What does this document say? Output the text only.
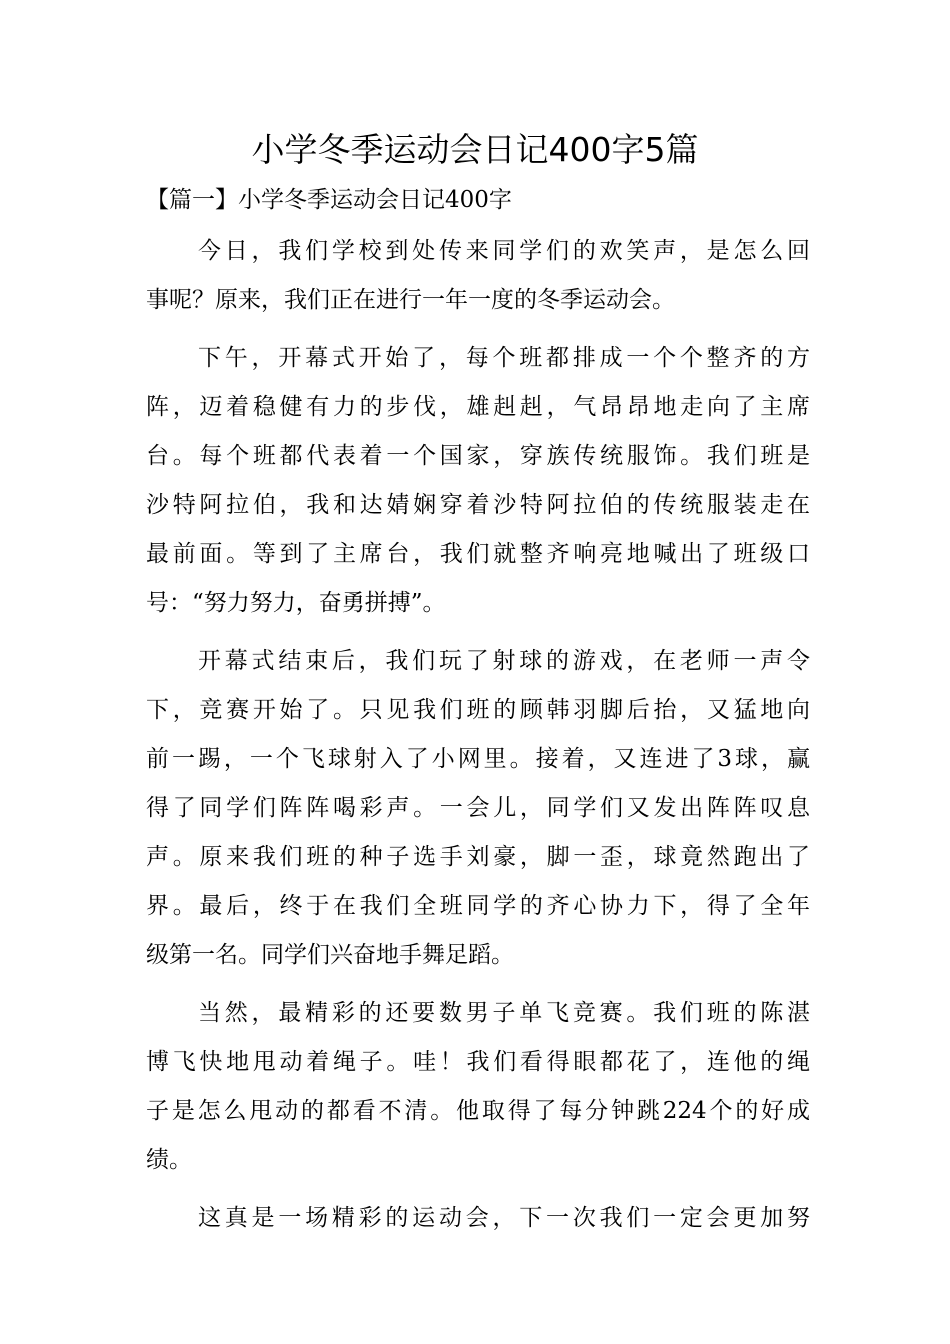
小学冬季运动会日记400字5篇
【篇一】小学冬季运动会日记400字
今日，我们学校到处传来同学们的欢笑声，是怎么回
事呢？原来，我们正在进行一年一度的冬季运动会。
下午，开幕式开始了，每个班都排成一个个整齐的方
阵，迈着稳健有力的步伐，雄赳赳，气昂昂地走向了主席
台。每个班都代表着一个国家，穿族传统服饰。我们班是
沙特阿拉伯，我和达婧娴穿着沙特阿拉伯的传统服装走在
最前面。等到了主席台，我们就整齐响亮地喊出了班级口
号：“努力努力，奋勇拼搏”。
开幕式结束后，我们玩了射球的游戏，在老师一声令
下，竞赛开始了。只见我们班的顾韩羽脚后抬，又猛地向
前一踢，一个飞球射入了小网里。接着，又连进了3球，赢
得了同学们阵阵喝彩声。一会儿，同学们又发出阵阵叹息
声。原来我们班的种子选手刘豪，脚一歪，球竟然跑出了
界。最后，终于在我们全班同学的齐心协力下，得了全年
级第一名。同学们兴奋地手舞足蹈。
当然，最精彩的还要数男子单飞竞赛。我们班的陈湛
博飞快地甩动着绳子。哇！我们看得眼都花了，连他的绳
子是怎么甩动的都看不清。他取得了每分钟跳224个的好成
绩。
这真是一场精彩的运动会，下一次我们一定会更加努
